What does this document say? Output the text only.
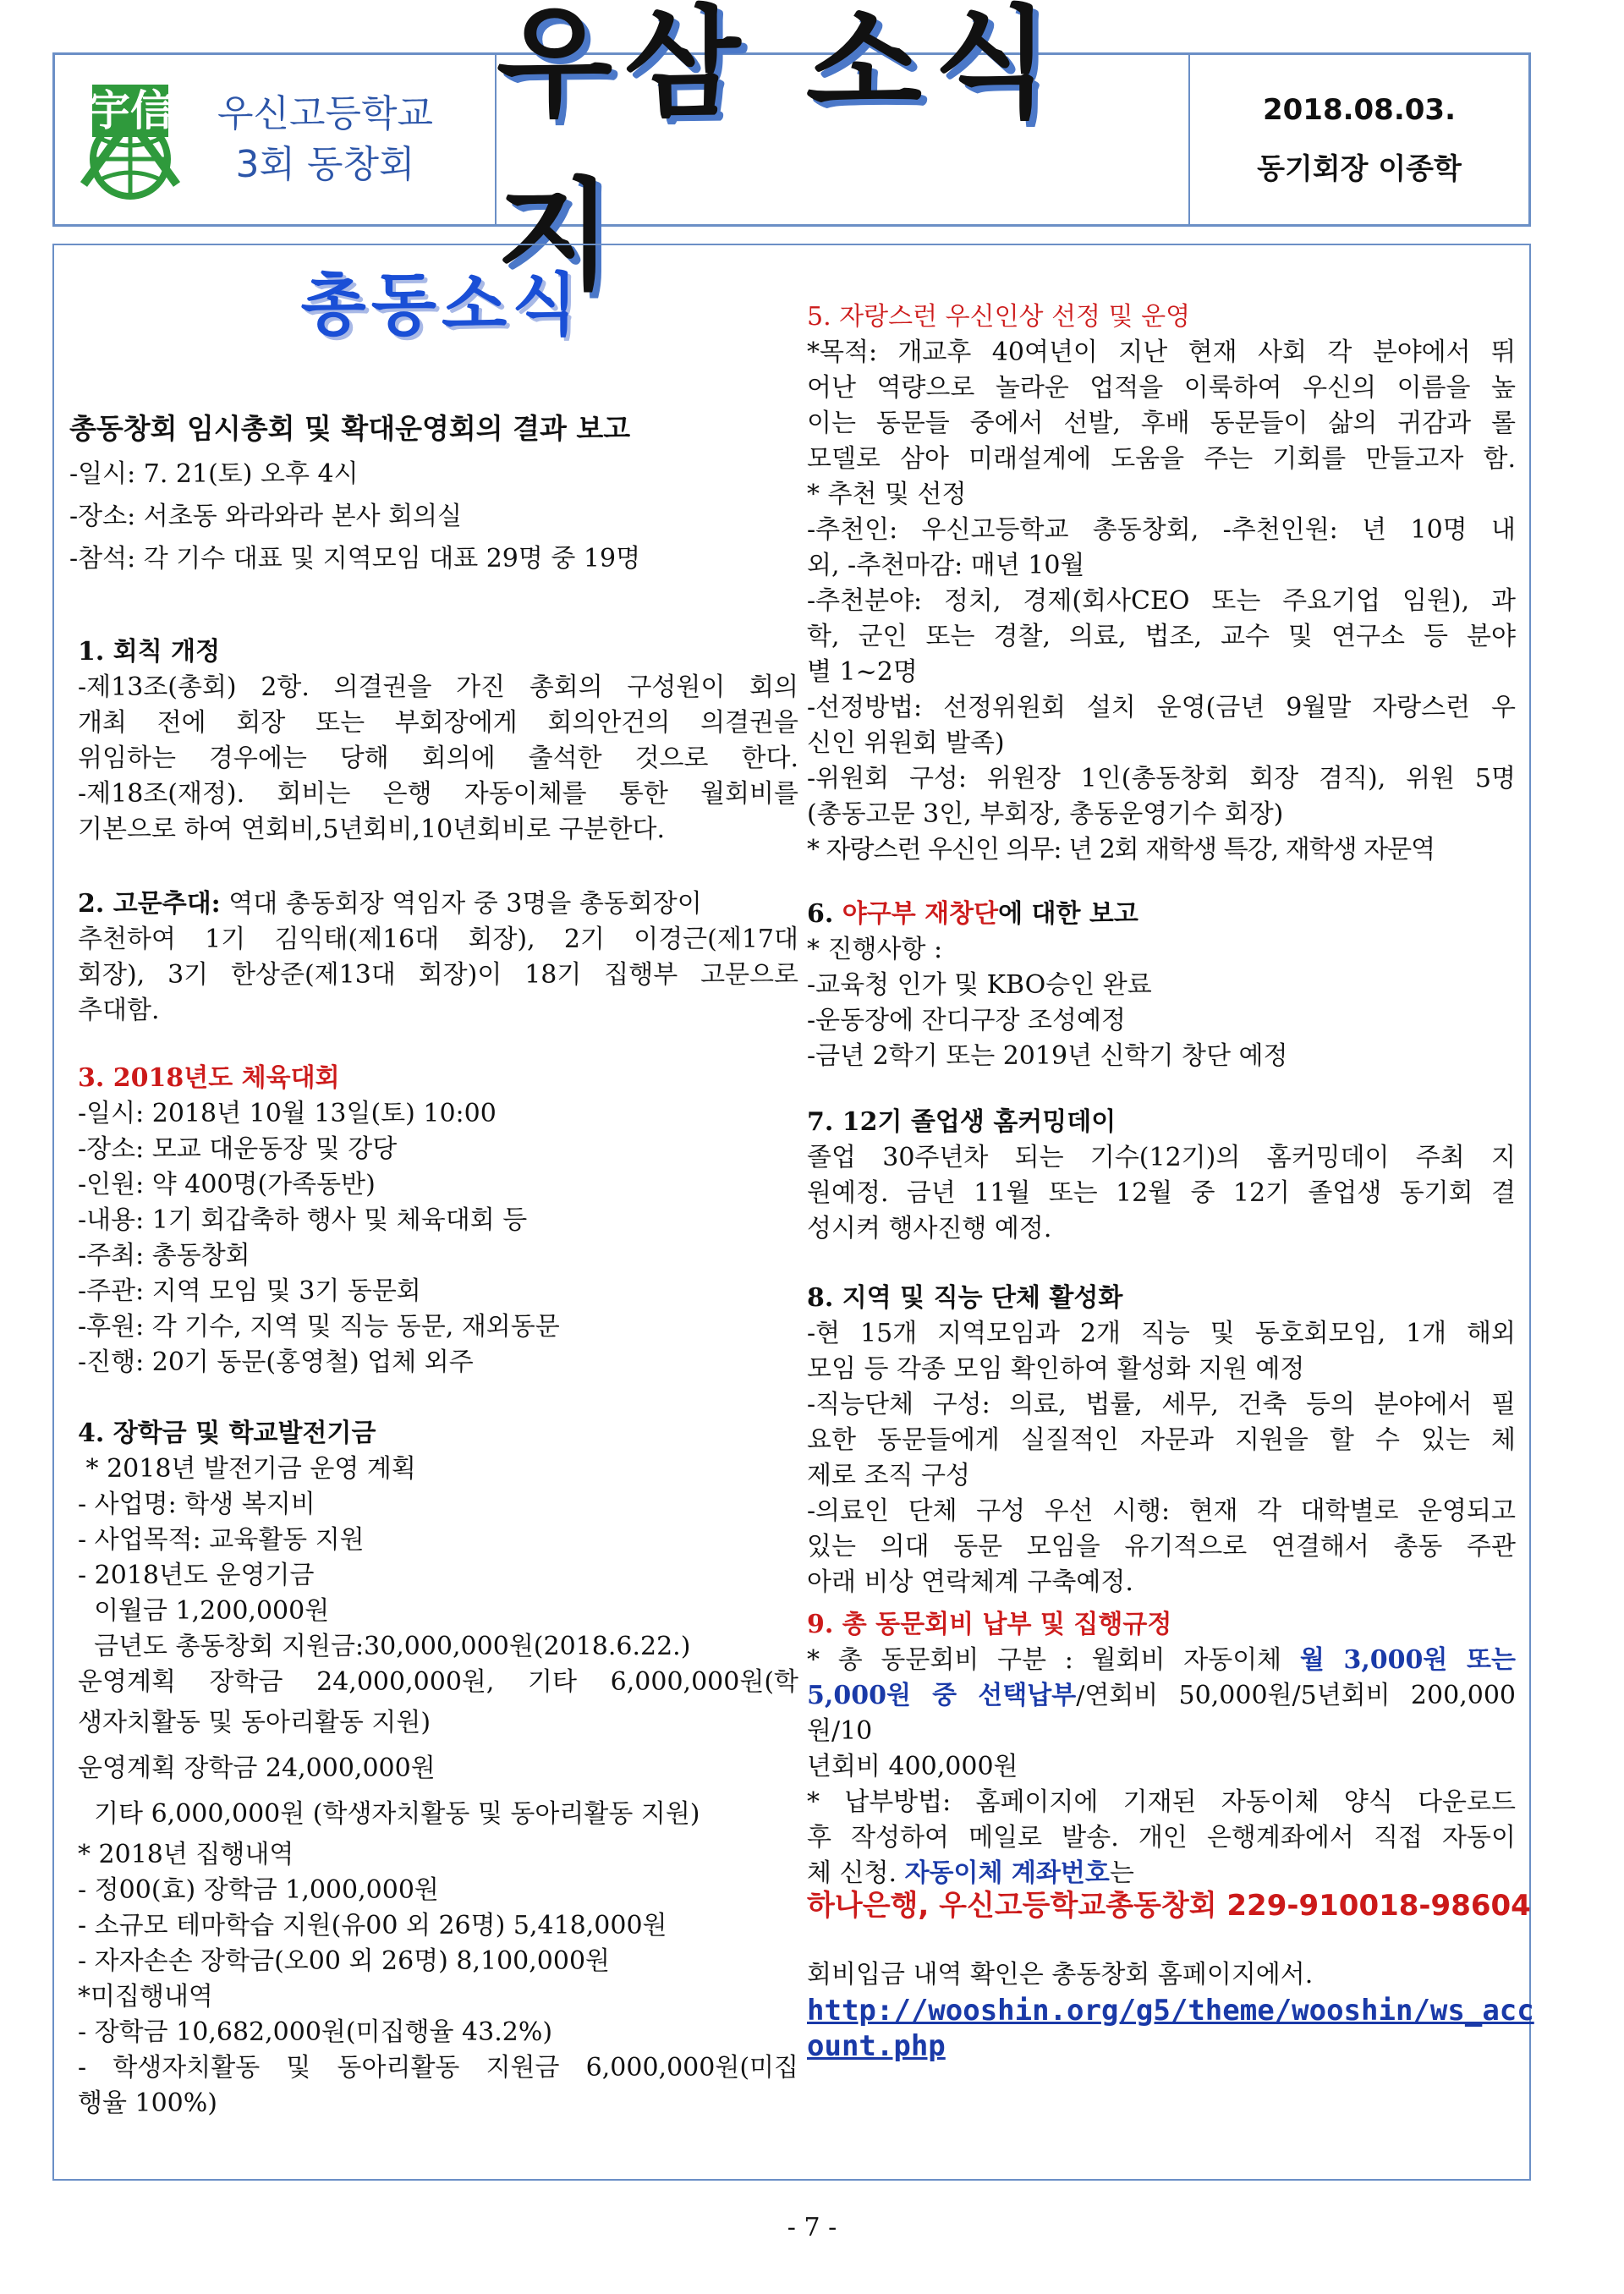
宇信 우신고등학교
3회 동창회
우삼 소식지
2018.08.03.
동기회장 이종학
총동소식
총동창회 임시총회 및 확대운영회의 결과 보고
-일시: 7. 21(토) 오후 4시
-장소: 서초동 와라와라 본사 회의실
-참석: 각 기수 대표 및 지역모임 대표 29명 중 19명
1. 회칙 개정
-제13조(총회) 2항. 의결권을 가진 총회의 구성원이 회의
개최 전에 회장 또는 부회장에게 회의안건의 의결권을
위임하는 경우에는 당해 회의에 출석한 것으로 한다.
-제18조(재정). 회비는 은행 자동이체를 통한 월회비를
기본으로 하여 연회비,5년회비,10년회비로 구분한다.
2. 고문추대: 역대 총동회장 역임자 중 3명을 총동회장이
추천하여 1기 김익태(제16대 회장), 2기 이경근(제17대
회장), 3기 한상준(제13대 회장)이 18기 집행부 고문으로
추대함.
3. 2018년도 체육대회
-일시: 2018년 10월 13일(토) 10:00
-장소: 모교 대운동장 및 강당
-인원: 약 400명(가족동반)
-내용: 1기 회갑축하 행사 및 체육대회 등
-주최: 총동창회
-주관: 지역 모임 및 3기 동문회
-후원: 각 기수, 지역 및 직능 동문, 재외동문
-진행: 20기 동문(홍영철) 업체 외주
4. 장학금 및 학교발전기금
* 2018년 발전기금 운영 계획
- 사업명: 학생 복지비
- 사업목적: 교육활동 지원
- 2018년도 운영기금
이월금 1,200,000원
금년도 총동창회 지원금:30,000,000원(2018.6.22.)
운영계획 장학금 24,000,000원, 기타 6,000,000원(학
생자치활동 및 동아리활동 지원)
운영계획 장학금 24,000,000원
기타 6,000,000원 (학생자치활동 및 동아리활동 지원)
* 2018년 집행내역
- 정00(효) 장학금 1,000,000원
- 소규모 테마학습 지원(유00 외 26명) 5,418,000원
- 자자손손 장학금(오00 외 26명) 8,100,000원
*미집행내역
- 장학금 10,682,000원(미집행율 43.2%)
- 학생자치활동 및 동아리활동 지원금 6,000,000원(미집
행율 100%)
5. 자랑스런 우신인상 선정 및 운영
*목적: 개교후 40여년이 지난 현재 사회 각 분야에서 뛰
어난 역량으로 놀라운 업적을 이룩하여 우신의 이름을 높
이는 동문들 중에서 선발, 후배 동문들이 삶의 귀감과 롤
모델로 삼아 미래설계에 도움을 주는 기회를 만들고자 함.
* 추천 및 선정
-추천인: 우신고등학교 총동창회, -추천인원: 년 10명 내
외, -추천마감: 매년 10월
-추천분야: 정치, 경제(회사CEO 또는 주요기업 임원), 과
학, 군인 또는 경찰, 의료, 법조, 교수 및 연구소 등 분야
별 1~2명
-선정방법: 선정위원회 설치 운영(금년 9월말 자랑스런 우
신인 위원회 발족)
-위원회 구성: 위원장 1인(총동창회 회장 겸직), 위원 5명
(총동고문 3인, 부회장, 총동운영기수 회장)
* 자랑스런 우신인 의무: 년 2회 재학생 특강, 재학생 자문역
6. 야구부 재창단에 대한 보고
* 진행사항 :
-교육청 인가 및 KBO승인 완료
-운동장에 잔디구장 조성예정
-금년 2학기 또는 2019년 신학기 창단 예정
7. 12기 졸업생 홈커밍데이
졸업 30주년차 되는 기수(12기)의 홈커밍데이 주최 지
원예정. 금년 11월 또는 12월 중 12기 졸업생 동기회 결
성시켜 행사진행 예정.
8. 지역 및 직능 단체 활성화
-현 15개 지역모임과 2개 직능 및 동호회모임, 1개 해외
모임 등 각종 모임 확인하여 활성화 지원 예정
-직능단체 구성: 의료, 법률, 세무, 건축 등의 분야에서 필
요한 동문들에게 실질적인 자문과 지원을 할 수 있는 체
제로 조직 구성
-의료인 단체 구성 우선 시행: 현재 각 대학별로 운영되고
있는 의대 동문 모임을 유기적으로 연결해서 총동 주관
아래 비상 연락체계 구축예정.
9. 총 동문회비 납부 및 집행규정
* 총 동문회비 구분 : 월회비 자동이체 월 3,000원 또는
5,000원 중 선택납부/연회비 50,000원/5년회비 200,000원/10
년회비 400,000원
* 납부방법: 홈페이지에 기재된 자동이체 양식 다운로드
후 작성하여 메일로 발송. 개인 은행계좌에서 직접 자동이
체 신청. 자동이체 계좌번호는
하나은행, 우신고등학교총동창회 229-910018-98604
회비입금 내역 확인은 총동창회 홈페이지에서.
http://wooshin.org/g5/theme/wooshin/ws_acc
ount.php
- 7 -
